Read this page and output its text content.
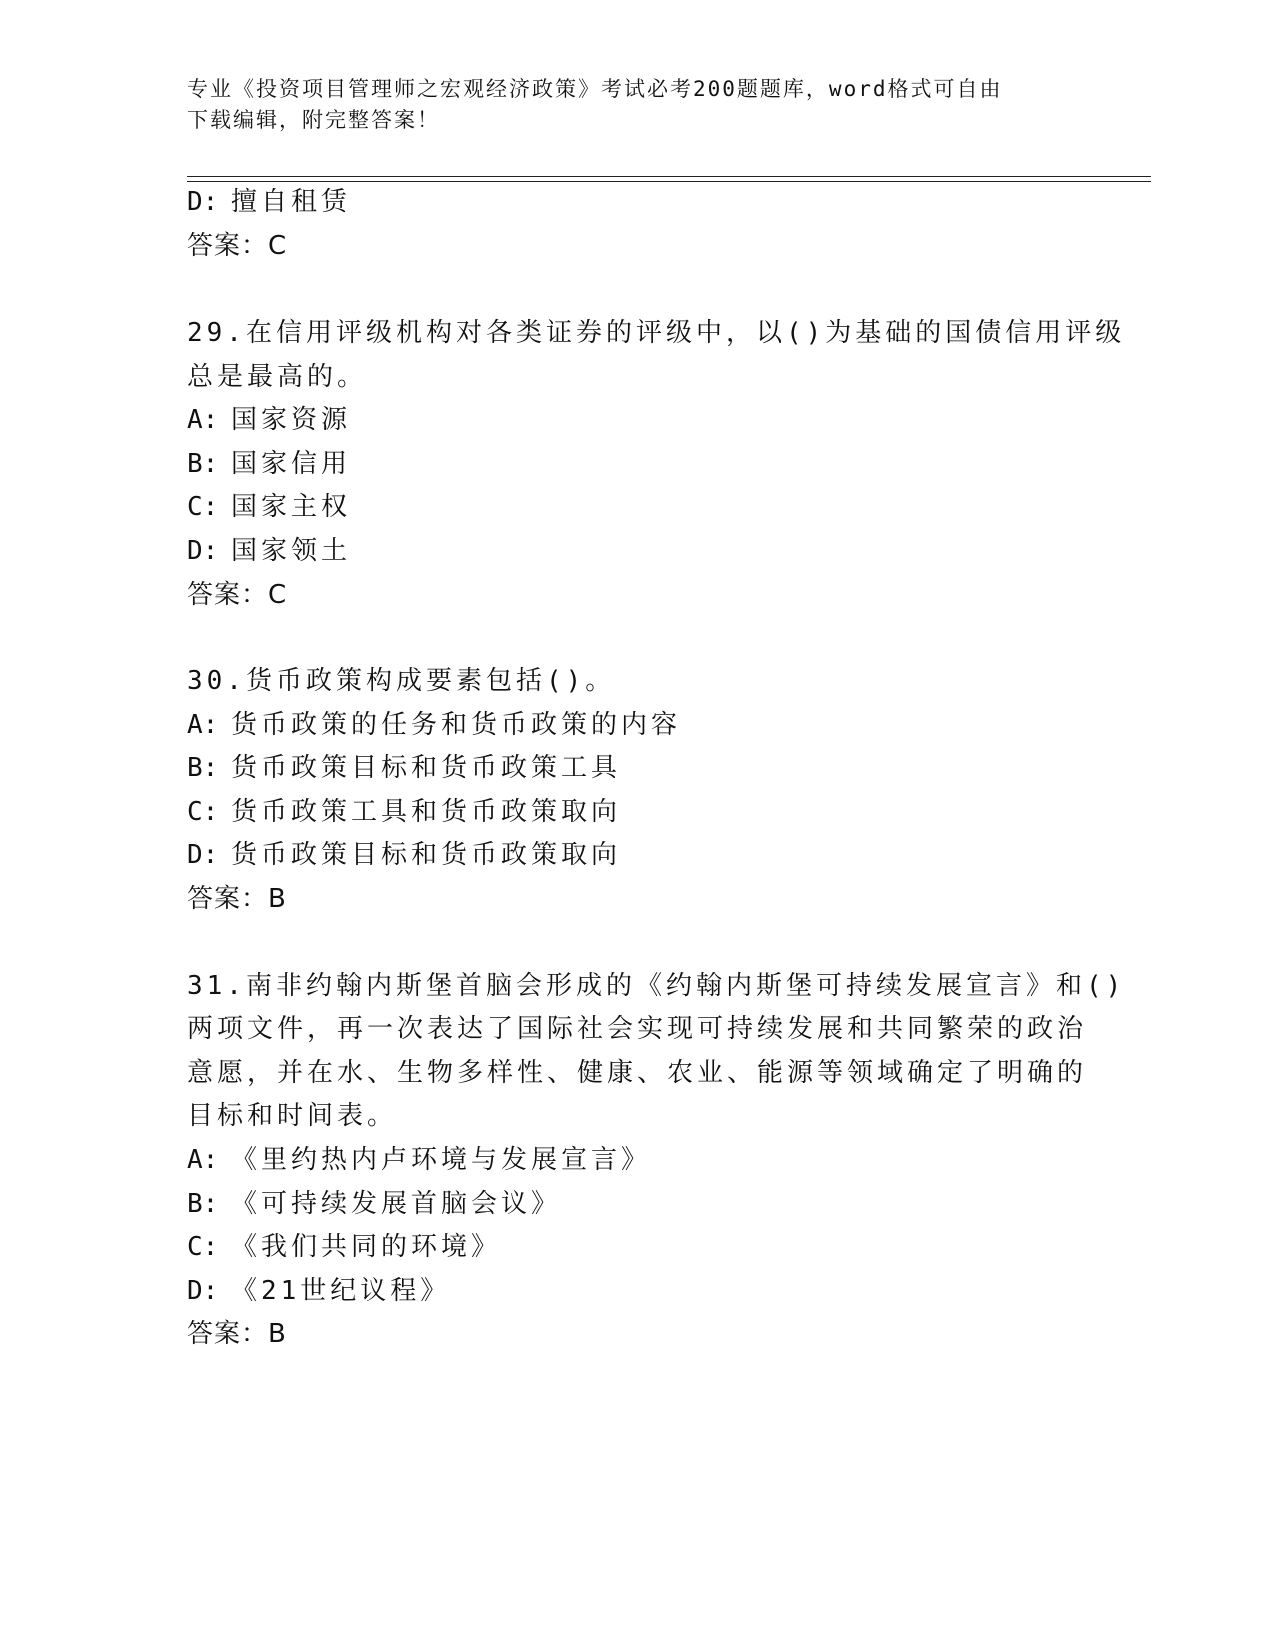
专业《投资项目管理师之宏观经济政策》考试必考200题题库，word格式可自由
下载编辑，附完整答案！
D: 擅自租赁
答案：C
29.在信用评级机构对各类证券的评级中，以()为基础的国债信用评级
总是最高的。
A: 国家资源
B: 国家信用
C: 国家主权
D: 国家领土
答案：C
30.货币政策构成要素包括()。
A: 货币政策的任务和货币政策的内容
B: 货币政策目标和货币政策工具
C: 货币政策工具和货币政策取向
D: 货币政策目标和货币政策取向
答案：B
31.南非约翰内斯堡首脑会形成的《约翰内斯堡可持续发展宣言》和()
两项文件，再一次表达了国际社会实现可持续发展和共同繁荣的政治
意愿，并在水、生物多样性、健康、农业、能源等领域确定了明确的
目标和时间表。
A: 《里约热内卢环境与发展宣言》
B: 《可持续发展首脑会议》
C: 《我们共同的环境》
D: 《21世纪议程》
答案：B
